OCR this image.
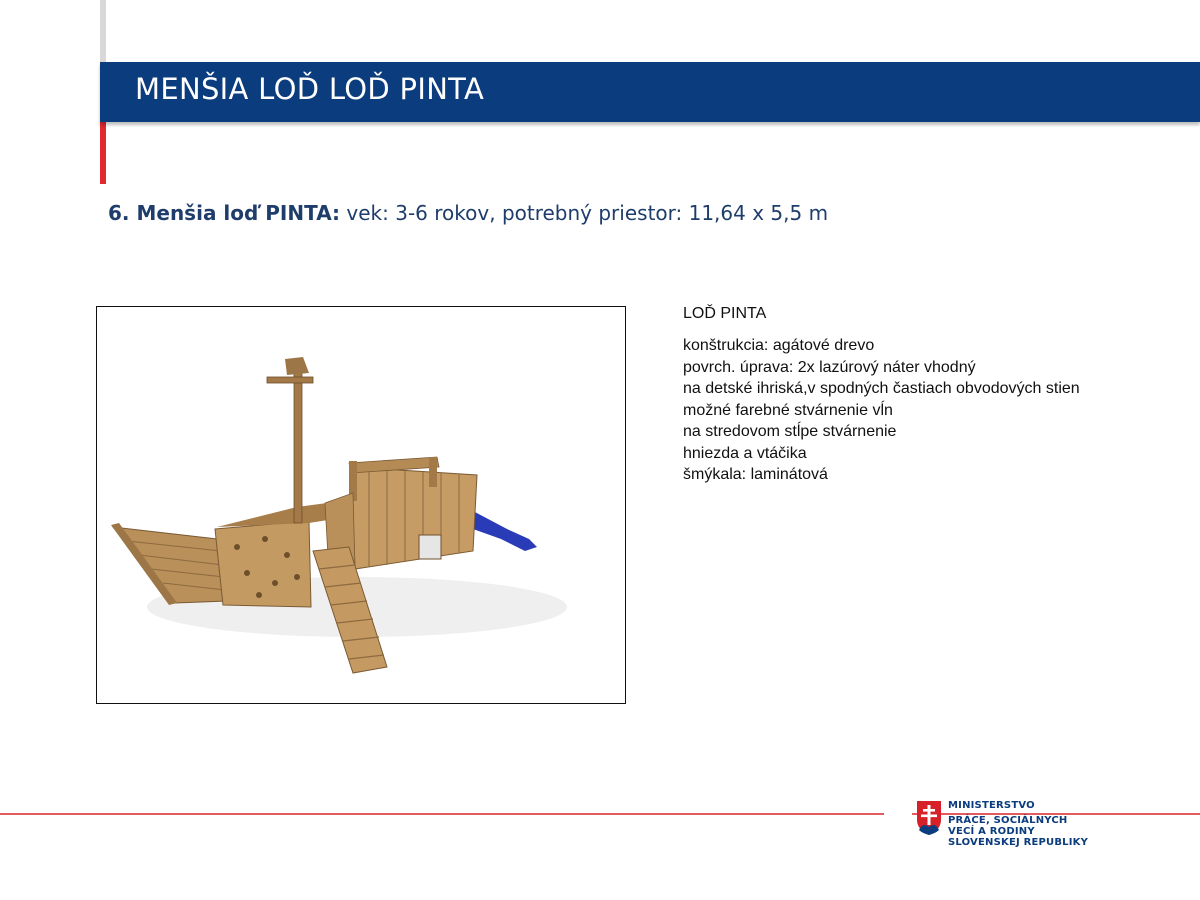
MENŠIA LOĎ LOĎ PINTA
6. Menšia loď PINTA: vek: 3-6 rokov, potrebný priestor: 11,64 x 5,5 m

LOĎ PINTA

konštrukcia: agátové drevo

povrch. úprava: 2x lazúrový náter vhodný

na detské ihriská,v spodných častiach obvodových stien

možné farebné stvárnenie vĺn

na stredovom stĺpe stvárnenie

hniezda a vtáčika

šmýkala: laminátová

MINISTERSTVO
PRÁCE, SOCIÁLNYCH
VECÍ A RODINY
SLOVENSKEJ REPUBLIKY
